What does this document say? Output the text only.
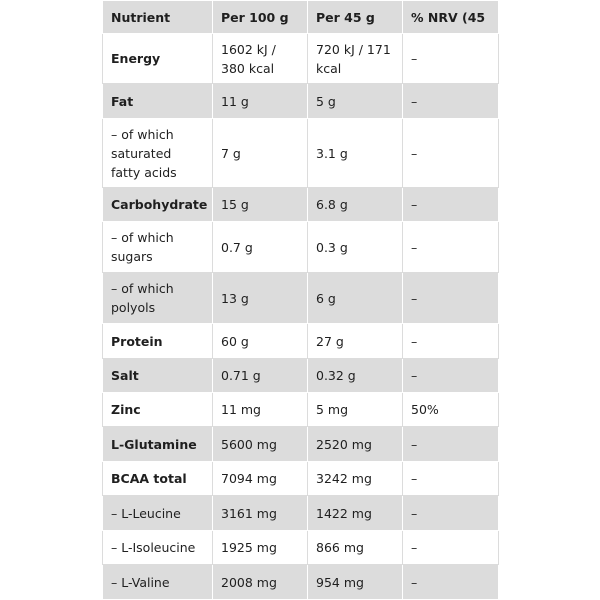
Nutrient	Per 100 g	Per 45 g	% NRV (45
Energy	1602 kJ / 380 kcal	720 kJ / 171 kcal	–
Fat	11 g	5 g	–
– of which saturated fatty acids	7 g	3.1 g	–
Carbohydrate	15 g	6.8 g	–
– of which sugars	0.7 g	0.3 g	–
– of which polyols	13 g	6 g	–
Protein	60 g	27 g	–
Salt	0.71 g	0.32 g	–
Zinc	11 mg	5 mg	50%
L-Glutamine	5600 mg	2520 mg	–
BCAA total	7094 mg	3242 mg	–
– L-Leucine	3161 mg	1422 mg	–
– L-Isoleucine	1925 mg	866 mg	–
– L-Valine	2008 mg	954 mg	–
